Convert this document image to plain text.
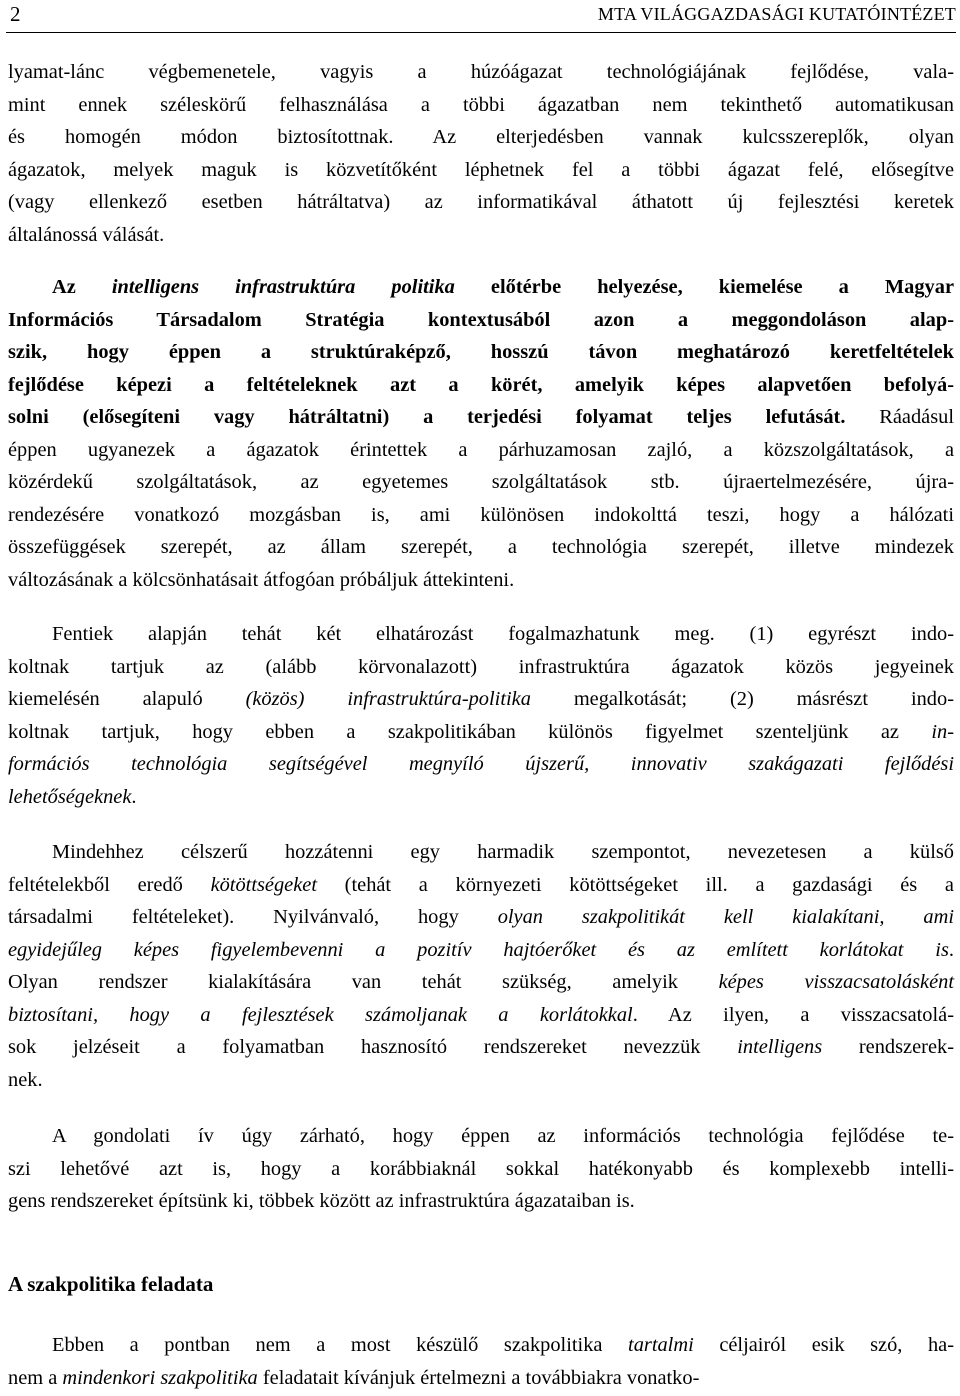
2	MTA VILÁGGAZDASÁGI KUTATÓINTÉZET

lyamat-lánc végbemenetele, vagyis a húzóágazat technológiájának fejlődése, vala-
mint ennek széleskörű felhasználása a többi ágazatban nem tekinthető automatikusan
és homogén módon biztosítottnak. Az elterjedésben vannak kulcsszereplők, olyan
ágazatok, melyek maguk is közvetítőként léphetnek fel a többi ágazat felé, elősegítve
(vagy ellenkező esetben hátráltatva) az informatikával áthatott új fejlesztési keretek
általánossá válását.

Az intelligens infrastruktúra politika előtérbe helyezése, kiemelése a Magyar
Információs Társadalom Stratégia kontextusából azon a meggondoláson alap-
szik, hogy éppen a struktúraképző, hosszú távon meghatározó keretfeltételek
fejlődése képezi a feltételeknek azt a körét, amelyik képes alapvetően befolyá-
solni (elősegíteni vagy hátráltatni) a terjedési folyamat teljes lefutását. Ráadásul
éppen ugyanezek a ágazatok érintettek a párhuzamosan zajló, a közszolgáltatások, a
közérdekű szolgáltatások, az egyetemes szolgáltatások stb. újraertelmezésére, újra-
rendezésére vonatkozó mozgásban is, ami különösen indokolttá teszi, hogy a hálózati
összefüggések szerepét, az állam szerepét, a technológia szerepét, illetve mindezek
változásának a kölcsönhatásait átfogóan próbáljuk áttekinteni.

Fentiek alapján tehát két elhatározást fogalmazhatunk meg. (1) egyrészt indo-
koltnak tartjuk az (alább körvonalazott) infrastruktúra ágazatok közös jegyeinek
kiemelésén alapuló (közös) infrastruktúra-politika megalkotását; (2) másrészt indo-
koltnak tartjuk, hogy ebben a szakpolitikában különös figyelmet szenteljünk az in-
formációs technológia segítségével megnyíló újszerű, innovativ szakágazati fejlődési
lehetőségeknek.

Mindehhez célszerű hozzátenni egy harmadik szempontot, nevezetesen a külső
feltételekből eredő kötöttségeket (tehát a környezeti kötöttségeket ill. a gazdasági és a
társadalmi feltételeket). Nyilvánvaló, hogy olyan szakpolitikát kell kialakítani, ami
egyidejűleg képes figyelembevenni a pozitív hajtóerőket és az említett korlátokat is.
Olyan rendszer kialakítására van tehát szükség, amelyik képes visszacsatolásként
biztosítani, hogy a fejlesztések számoljanak a korlátokkal. Az ilyen, a visszacsatolá-
sok jelzéseit a folyamatban hasznosító rendszereket nevezzük intelligens rendszerek-
nek.

A gondolati ív úgy zárható, hogy éppen az információs technológia fejlődése te-
szi lehetővé azt is, hogy a korábbiaknál sokkal hatékonyabb és komplexebb intelli-
gens rendszereket építsünk ki, többek között az infrastruktúra ágazataiban is.

A szakpolitika feladata

Ebben a pontban nem a most készülő szakpolitika tartalmi céljairól esik szó, ha-
nem a mindenkori szakpolitika feladatait kívánjuk értelmezni a továbbiakra vonatko-
